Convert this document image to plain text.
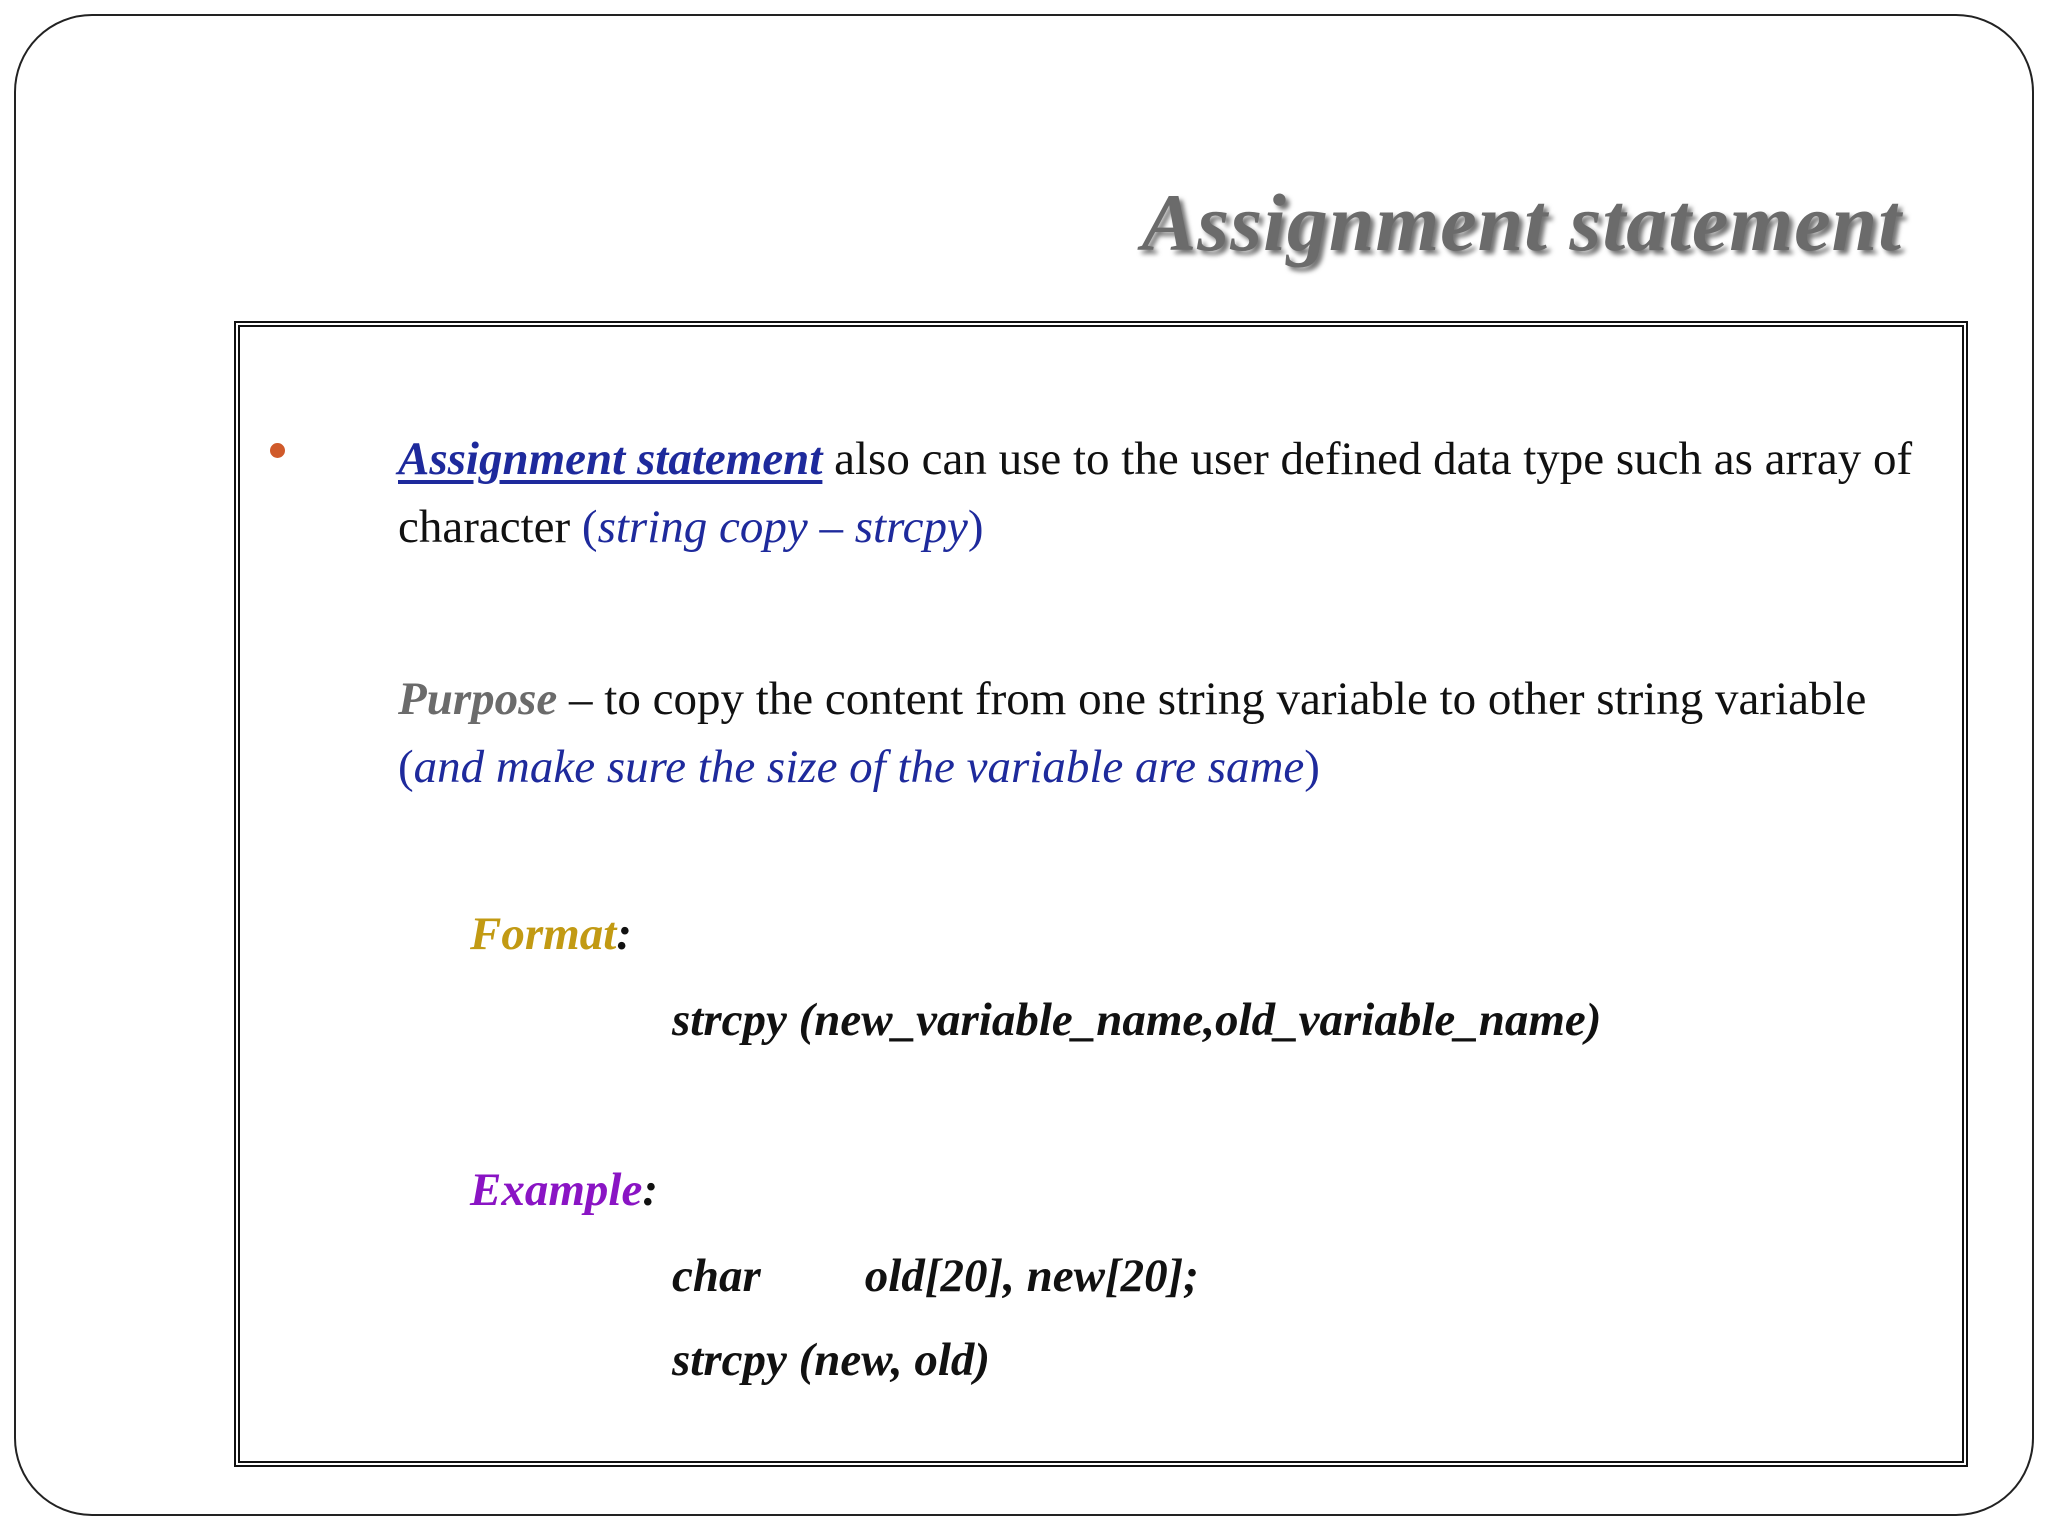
Assignment statement

Assignment statement also can use to the user defined data type such as array of character (string copy – strcpy)

Purpose – to copy the content from one string variable to other string variable (and make sure the size of the variable are same)

Format:

strcpy (new_variable_name,old_variable_name)

Example:

char old[20], new[20];

strcpy (new, old)
